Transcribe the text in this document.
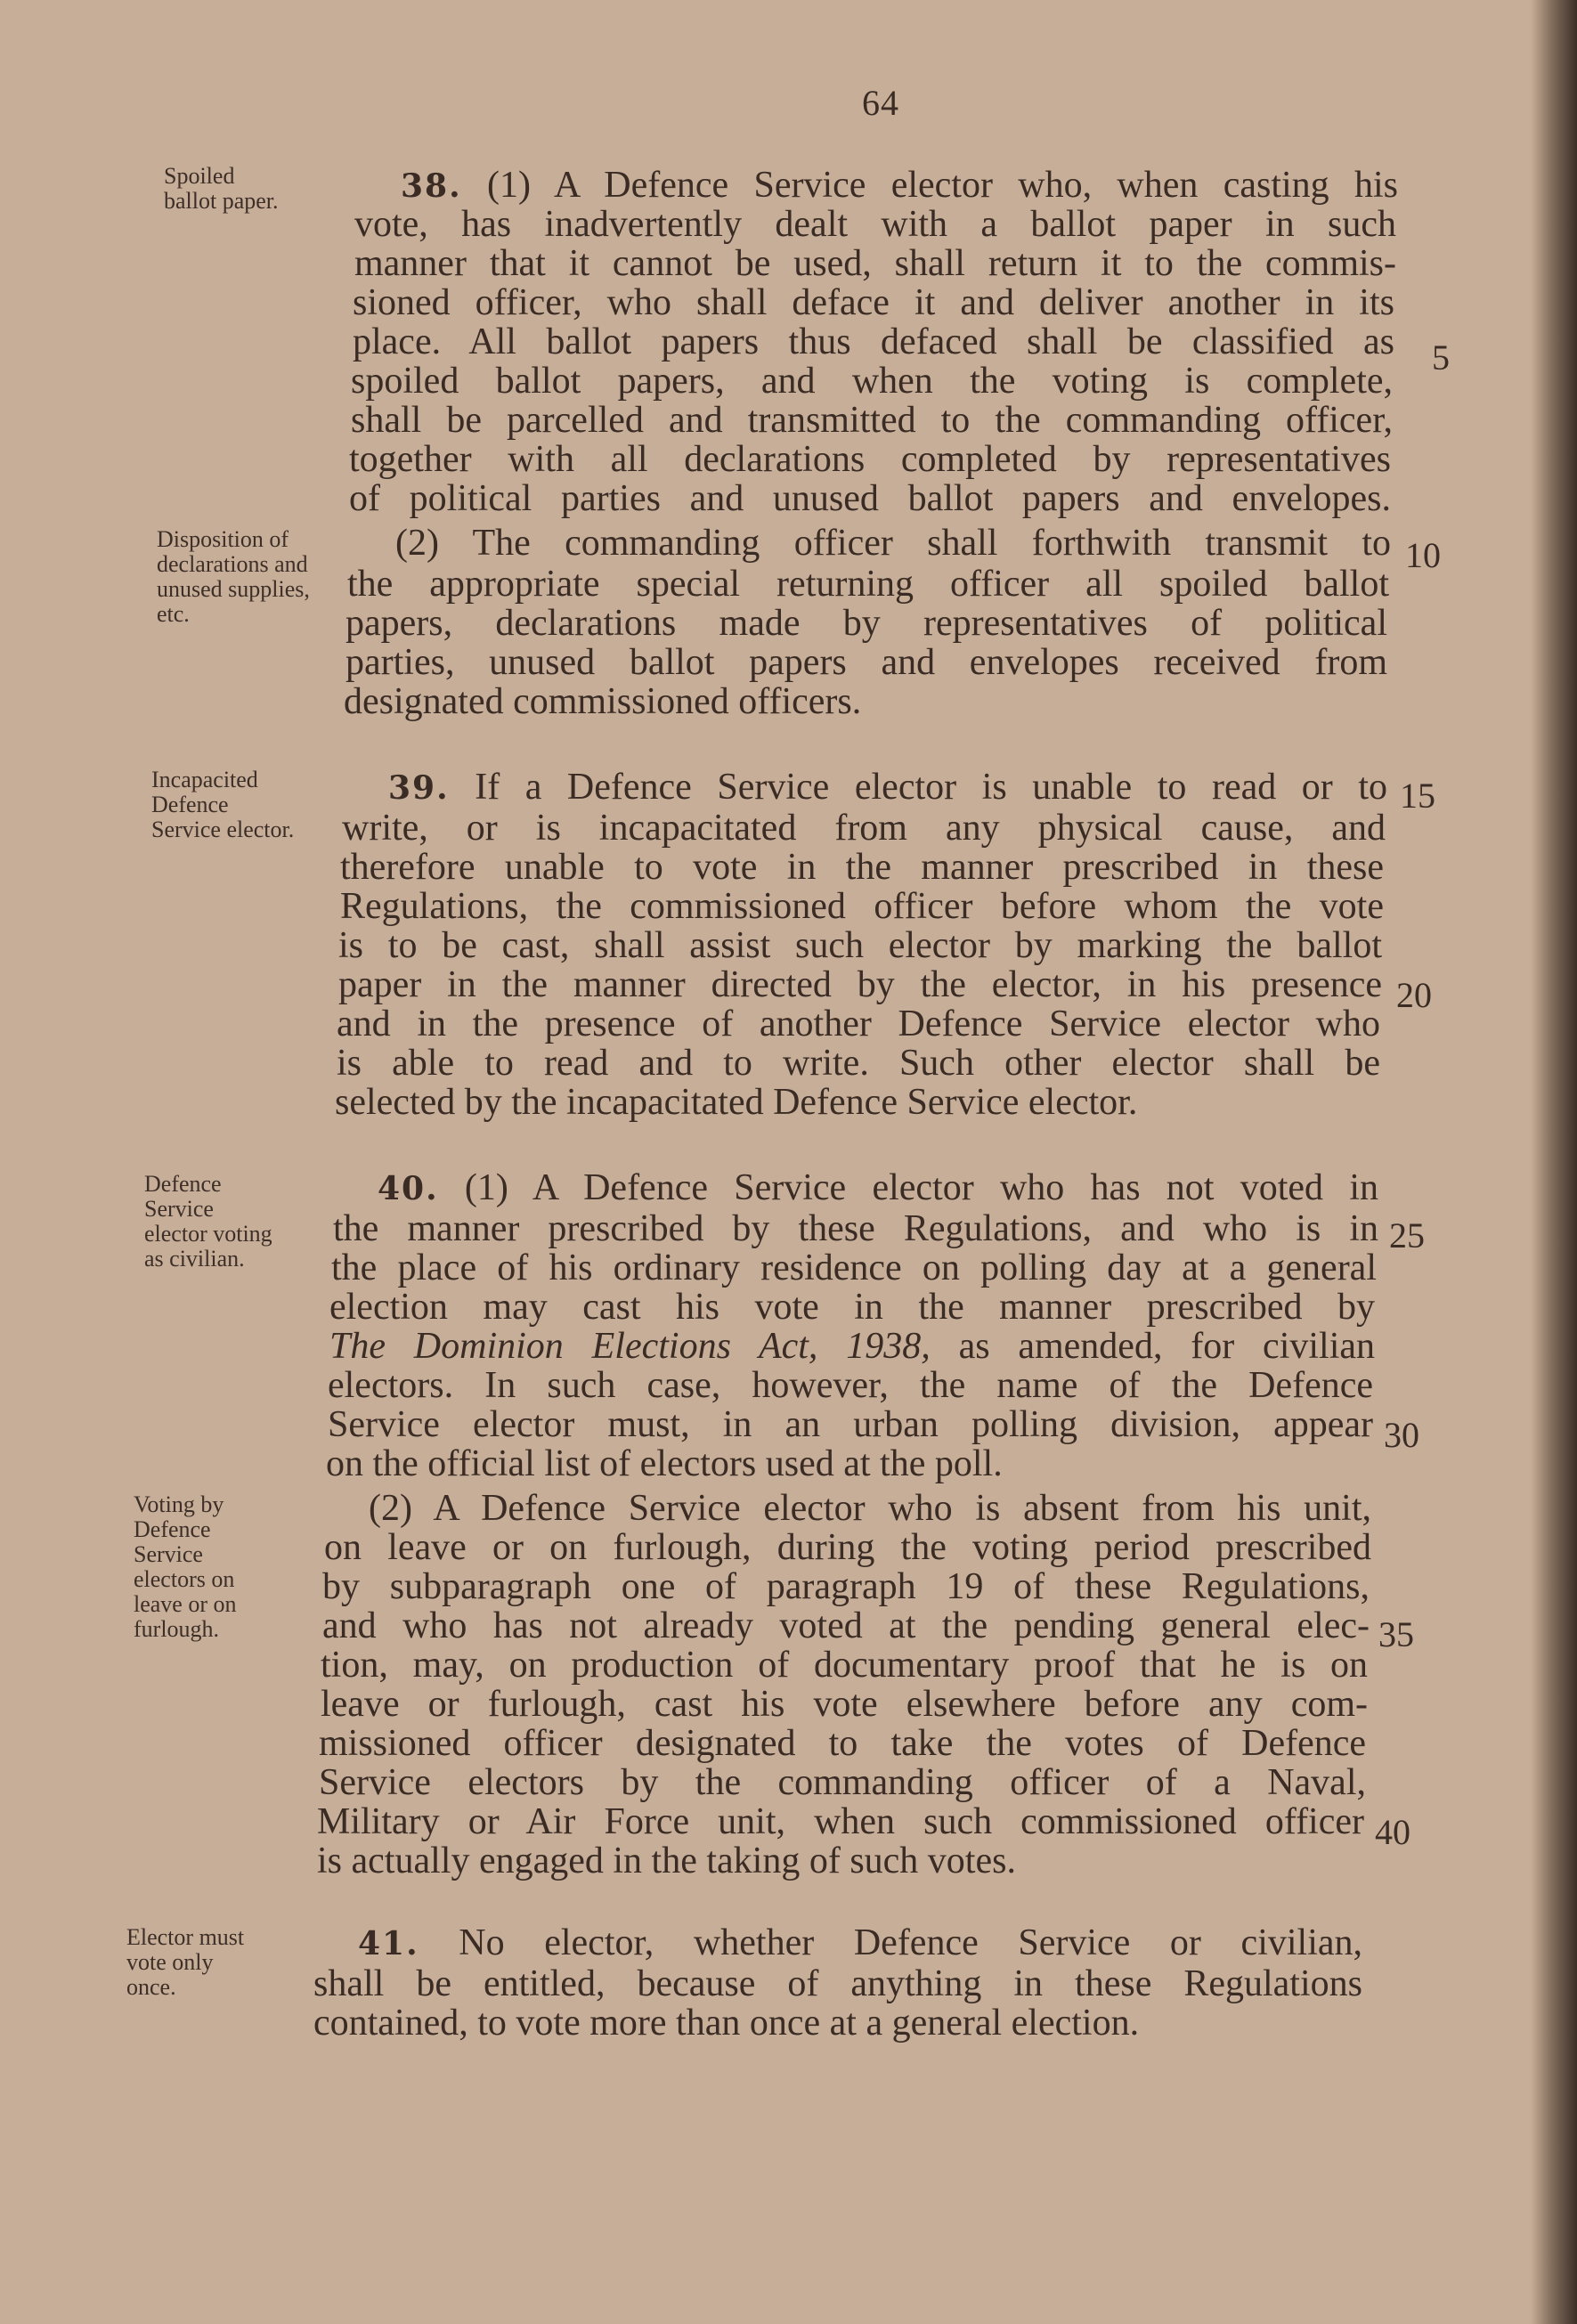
64
Spoiled ballot paper.
Disposition of declarations and unused supplies, etc.
Incapacited Defence Service elector.
Defence Service elector voting as civilian.
Voting by Defence Service electors on leave or on furlough.
Elector must vote only once.
38. (1) A Defence Service elector who, when casting his
vote, has inadvertently dealt with a ballot paper in such
manner that it cannot be used, shall return it to the commis-
sioned officer, who shall deface it and deliver another in its
place. All ballot papers thus defaced shall be classified as
spoiled ballot papers, and when the voting is complete,
shall be parcelled and transmitted to the commanding officer,
together with all declarations completed by representatives
of political parties and unused ballot papers and envelopes.
(2) The commanding officer shall forthwith transmit to
the appropriate special returning officer all spoiled ballot
papers, declarations made by representatives of political
parties, unused ballot papers and envelopes received from
designated commissioned officers.
39. If a Defence Service elector is unable to read or to
write, or is incapacitated from any physical cause, and
therefore unable to vote in the manner prescribed in these
Regulations, the commissioned officer before whom the vote
is to be cast, shall assist such elector by marking the ballot
paper in the manner directed by the elector, in his presence
and in the presence of another Defence Service elector who
is able to read and to write. Such other elector shall be
selected by the incapacitated Defence Service elector.
40. (1) A Defence Service elector who has not voted in
the manner prescribed by these Regulations, and who is in
the place of his ordinary residence on polling day at a general
election may cast his vote in the manner prescribed by
The Dominion Elections Act, 1938, as amended, for civilian
electors. In such case, however, the name of the Defence
Service elector must, in an urban polling division, appear
on the official list of electors used at the poll.
(2) A Defence Service elector who is absent from his unit,
on leave or on furlough, during the voting period prescribed
by subparagraph one of paragraph 19 of these Regulations,
and who has not already voted at the pending general elec-
tion, may, on production of documentary proof that he is on
leave or furlough, cast his vote elsewhere before any com-
missioned officer designated to take the votes of Defence
Service electors by the commanding officer of a Naval,
Military or Air Force unit, when such commissioned officer
is actually engaged in the taking of such votes.
41. No elector, whether Defence Service or civilian,
shall be entitled, because of anything in these Regulations
contained, to vote more than once at a general election.
5
10
15
20
25
30
35
40
